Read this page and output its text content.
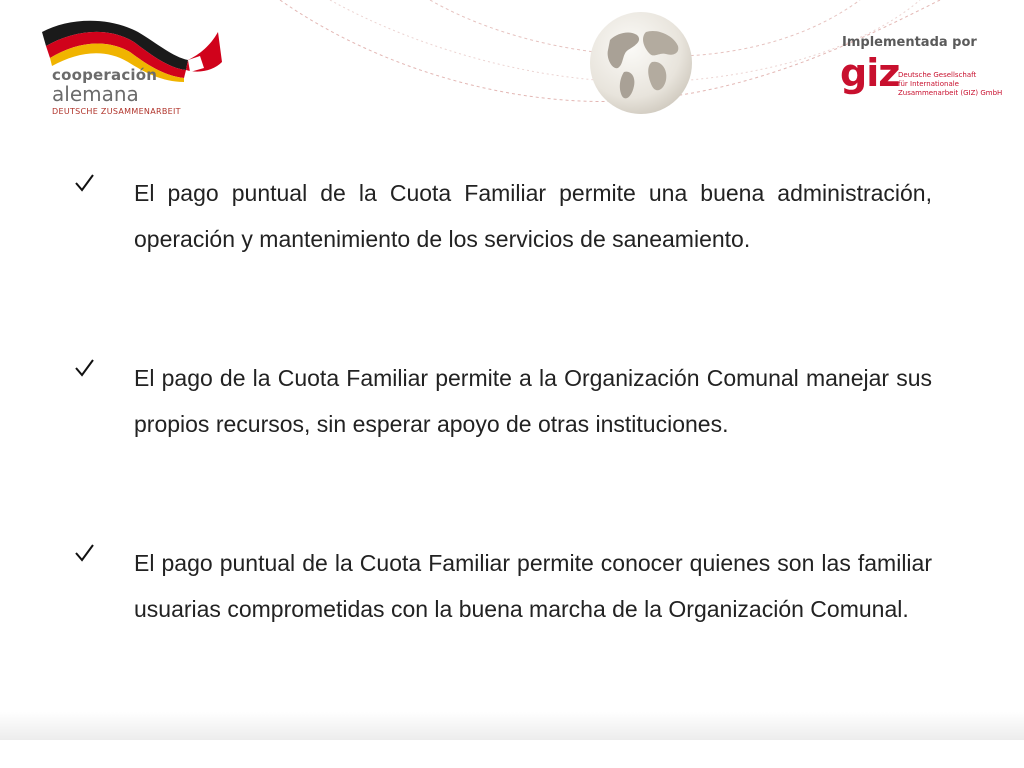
cooperación
alemana
DEUTSCHE ZUSAMMENARBEIT
Implementada por
giz
Deutsche Gesellschaft
für Internationale
Zusammenarbeit (GIZ) GmbH

El pago puntual de la Cuota Familiar permite una buena administración, operación y mantenimiento de los servicios de saneamiento.

El pago de la Cuota Familiar permite a la Organización Comunal manejar sus propios recursos, sin esperar apoyo de otras instituciones.

El pago puntual de la Cuota Familiar permite conocer quienes son las familiar usuarias comprometidas con la buena marcha de la Organización Comunal.
